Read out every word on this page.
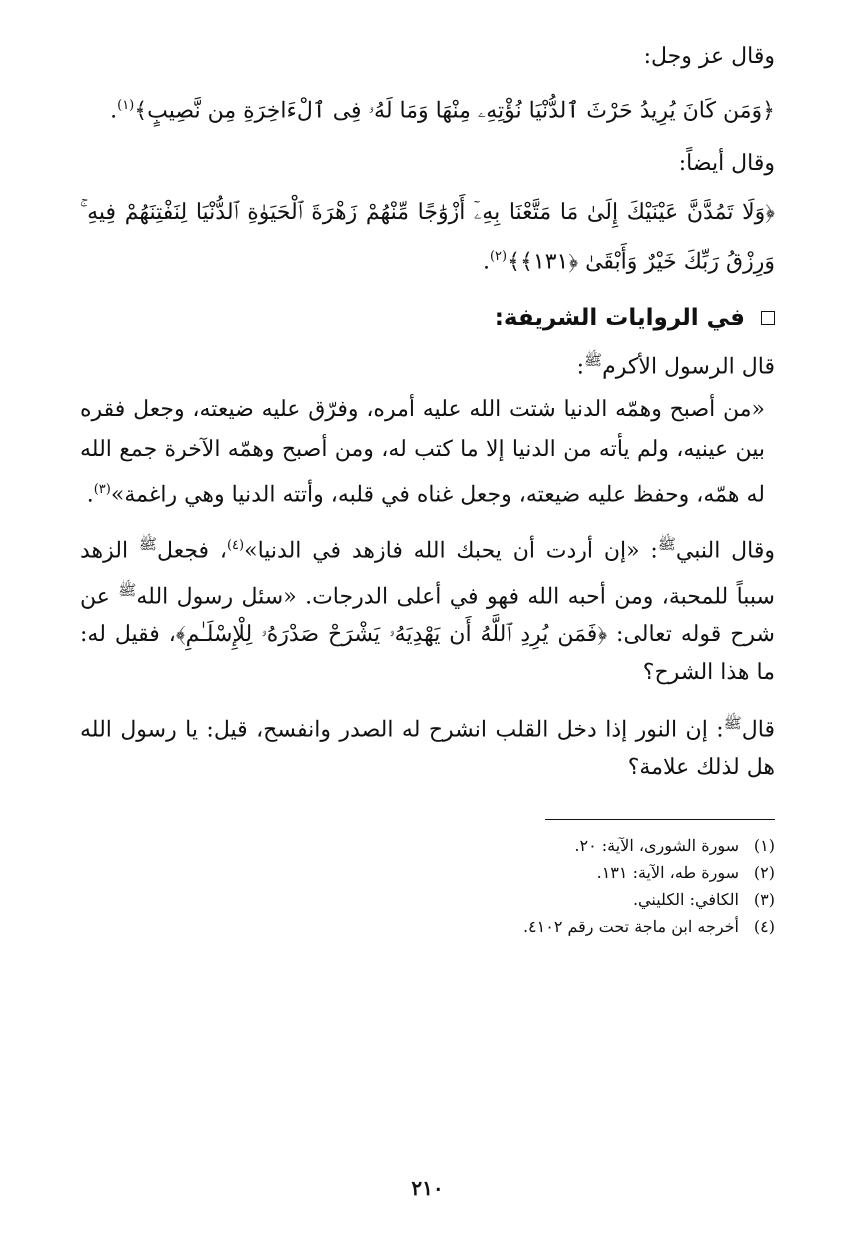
وقال عز وجل:

﴿وَمَن كَانَ يُرِيدُ حَرْثَ ٱلدُّنْيَا نُؤْتِهِۦ مِنْهَا وَمَا لَهُۥ فِى ٱلْءَاخِرَةِ مِن نَّصِيبٍ﴾$^{(١)}$.

وقال أيضاً:

﴿وَلَا تَمُدَّنَّ عَيْنَيْكَ إِلَىٰ مَا مَتَّعْنَا بِهِۦٓ أَزْوَٰجًا مِّنْهُمْ زَهْرَةَ ٱلْحَيَوٰةِ ٱلدُّنْيَا لِنَفْتِنَهُمْ فِيهِ ۚ وَرِزْقُ رَبِّكَ خَيْرٌ وَأَبْقَىٰ ﴿١٣١﴾﴾$^{(٢)}$.

في الروايات الشريفة:

قال الرسول الأكرم$^ﷺ$:

«من أصبح وهمّه الدنيا شتت الله عليه أمره، وفرّق عليه ضيعته، وجعل فقره بين عينيه، ولم يأته من الدنيا إلا ما كتب له، ومن أصبح وهمّه الآخرة جمع الله له همّه، وحفظ عليه ضيعته، وجعل غناه في قلبه، وأتته الدنيا وهي راغمة»$^{(٣)}$.

وقال النبي$^ﷺ$: «إن أردت أن يحبك الله فازهد في الدنيا»$^{(٤)}$، فجعل$^ﷺ$ الزهد سبباً للمحبة، ومن أحبه الله فهو في أعلى الدرجات. «سئل رسول الله$^ﷺ$ عن شرح قوله تعالى: ﴿فَمَن يُرِدِ ٱللَّهُ أَن يَهْدِيَهُۥ يَشْرَحْ صَدْرَهُۥ لِلْإِسْلَـٰمِ﴾، فقيل له: ما هذا الشرح؟

قال$^ﷺ$: إن النور إذا دخل القلب انشرح له الصدر وانفسح، قيل: يا رسول الله هل لذلك علامة؟

(١)
سورة الشورى، الآية: ٢٠.
(٢)
سورة طه، الآية: ١٣١.
(٣)
الكافي: الكليني.
(٤)
أخرجه ابن ماجة تحت رقم ٤١٠٢.
٢١٠
